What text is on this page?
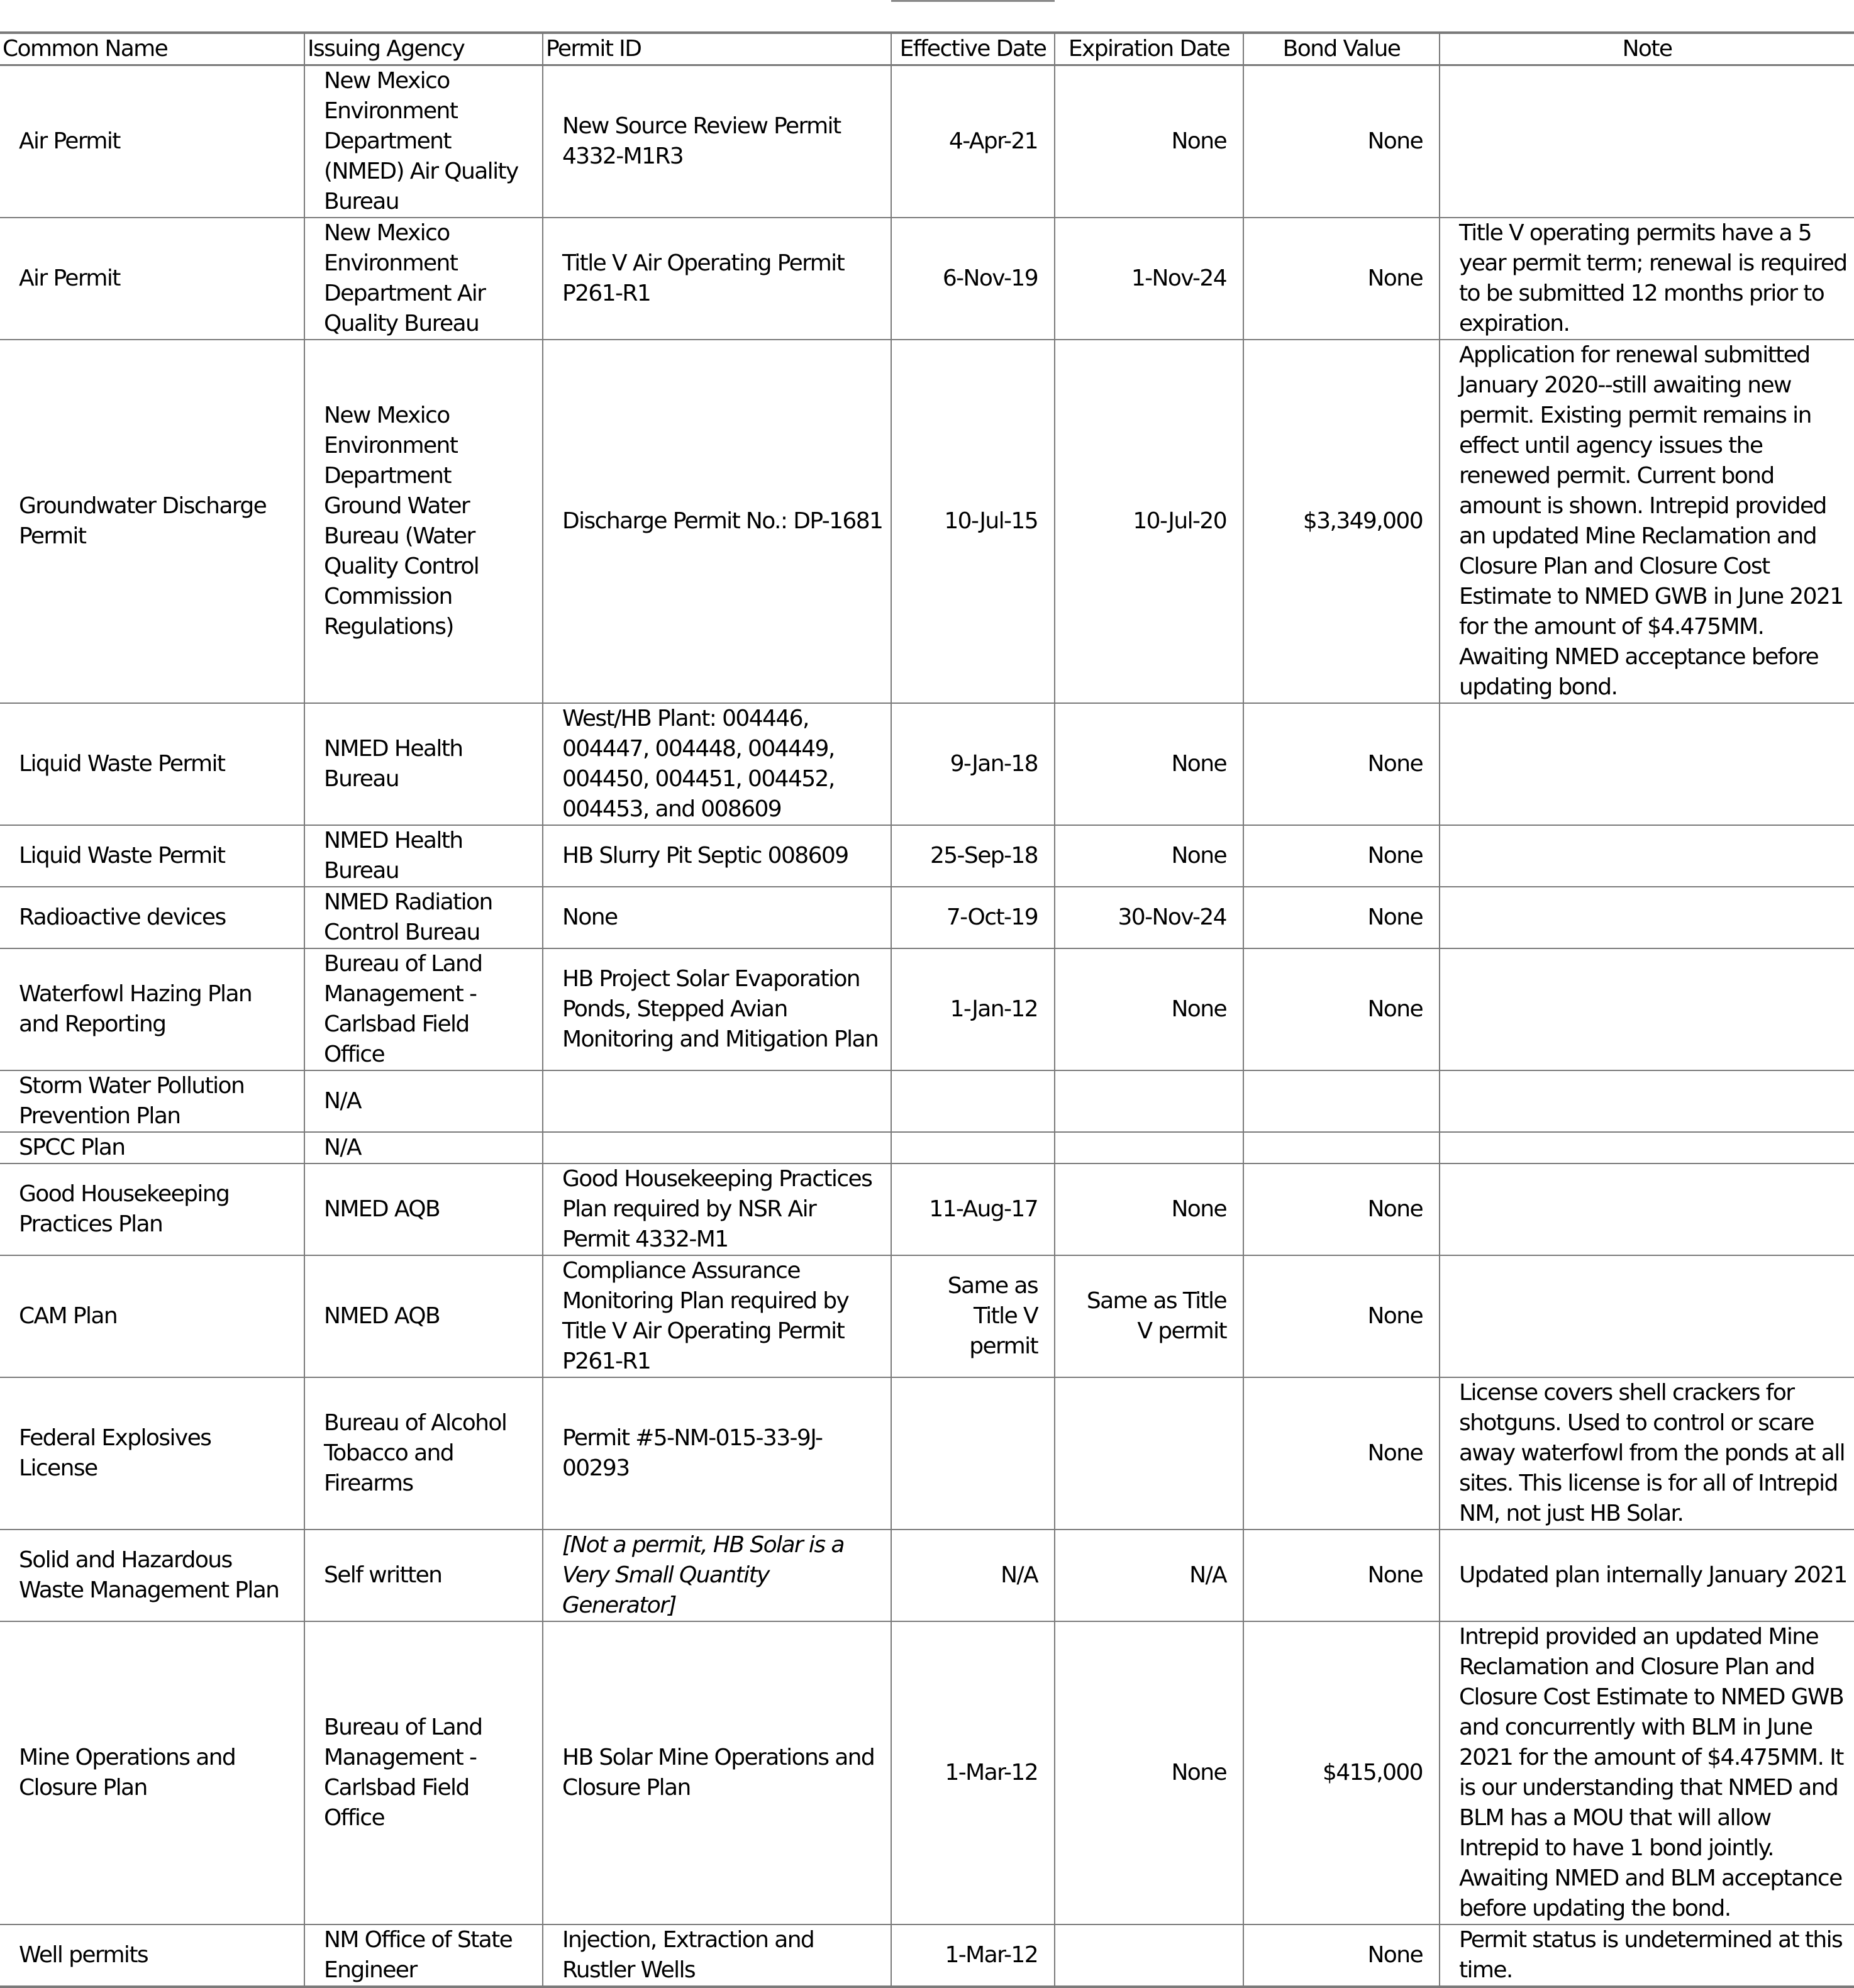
Common Name	Issuing Agency	Permit ID	Effective Date	Expiration Date	Bond Value	Note
Air Permit	New Mexico Environment Department (NMED) Air Quality Bureau	New Source Review Permit 4332-M1R3	4-Apr-21	None	None	
Air Permit	New Mexico Environment Department Air Quality Bureau	Title V Air Operating Permit P261-R1	6-Nov-19	1-Nov-24	None	Title V operating permits have a 5 year permit term; renewal is required to be submitted 12 months prior to expiration.
Groundwater Discharge Permit	New Mexico Environment Department Ground Water Bureau (Water Quality Control Commission Regulations)	Discharge Permit No.: DP-1681	10-Jul-15	10-Jul-20	$3,349,000	Application for renewal submitted January 2020--still awaiting new permit. Existing permit remains in effect until agency issues the renewed permit. Current bond amount is shown. Intrepid provided an updated Mine Reclamation and Closure Plan and Closure Cost Estimate to NMED GWB in June 2021 for the amount of $4.475MM. Awaiting NMED acceptance before updating bond.
Liquid Waste Permit	NMED Health Bureau	West/HB Plant: 004446, 004447, 004448, 004449, 004450, 004451, 004452, 004453, and 008609	9-Jan-18	None	None	
Liquid Waste Permit	NMED Health Bureau	HB Slurry Pit Septic 008609	25-Sep-18	None	None	
Radioactive devices	NMED Radiation Control Bureau	None	7-Oct-19	30-Nov-24	None	
Waterfowl Hazing Plan and Reporting	Bureau of Land Management - Carlsbad Field Office	HB Project Solar Evaporation Ponds, Stepped Avian Monitoring and Mitigation Plan	1-Jan-12	None	None	
Storm Water Pollution Prevention Plan	N/A					
SPCC Plan	N/A					
Good Housekeeping Practices Plan	NMED AQB	Good Housekeeping Practices Plan required by NSR Air Permit 4332-M1	11-Aug-17	None	None	
CAM Plan	NMED AQB	Compliance Assurance Monitoring Plan required by Title V Air Operating Permit P261-R1	Same as Title V permit	Same as Title V permit	None	
Federal Explosives License	Bureau of Alcohol Tobacco and Firearms	Permit #5-NM-015-33-9J-00293			None	License covers shell crackers for shotguns. Used to control or scare away waterfowl from the ponds at all sites. This license is for all of Intrepid NM, not just HB Solar.
Solid and Hazardous Waste Management Plan	Self written	[Not a permit, HB Solar is a Very Small Quantity Generator]	N/A	N/A	None	Updated plan internally January 2021
Mine Operations and Closure Plan	Bureau of Land Management - Carlsbad Field Office	HB Solar Mine Operations and Closure Plan	1-Mar-12	None	$415,000	Intrepid provided an updated Mine Reclamation and Closure Plan and Closure Cost Estimate to NMED GWB and concurrently with BLM in June 2021 for the amount of $4.475MM. It is our understanding that NMED and BLM has a MOU that will allow Intrepid to have 1 bond jointly. Awaiting NMED and BLM acceptance before updating the bond.
Well permits	NM Office of State Engineer	Injection, Extraction and Rustler Wells	1-Mar-12		None	Permit status is undetermined at this time.
